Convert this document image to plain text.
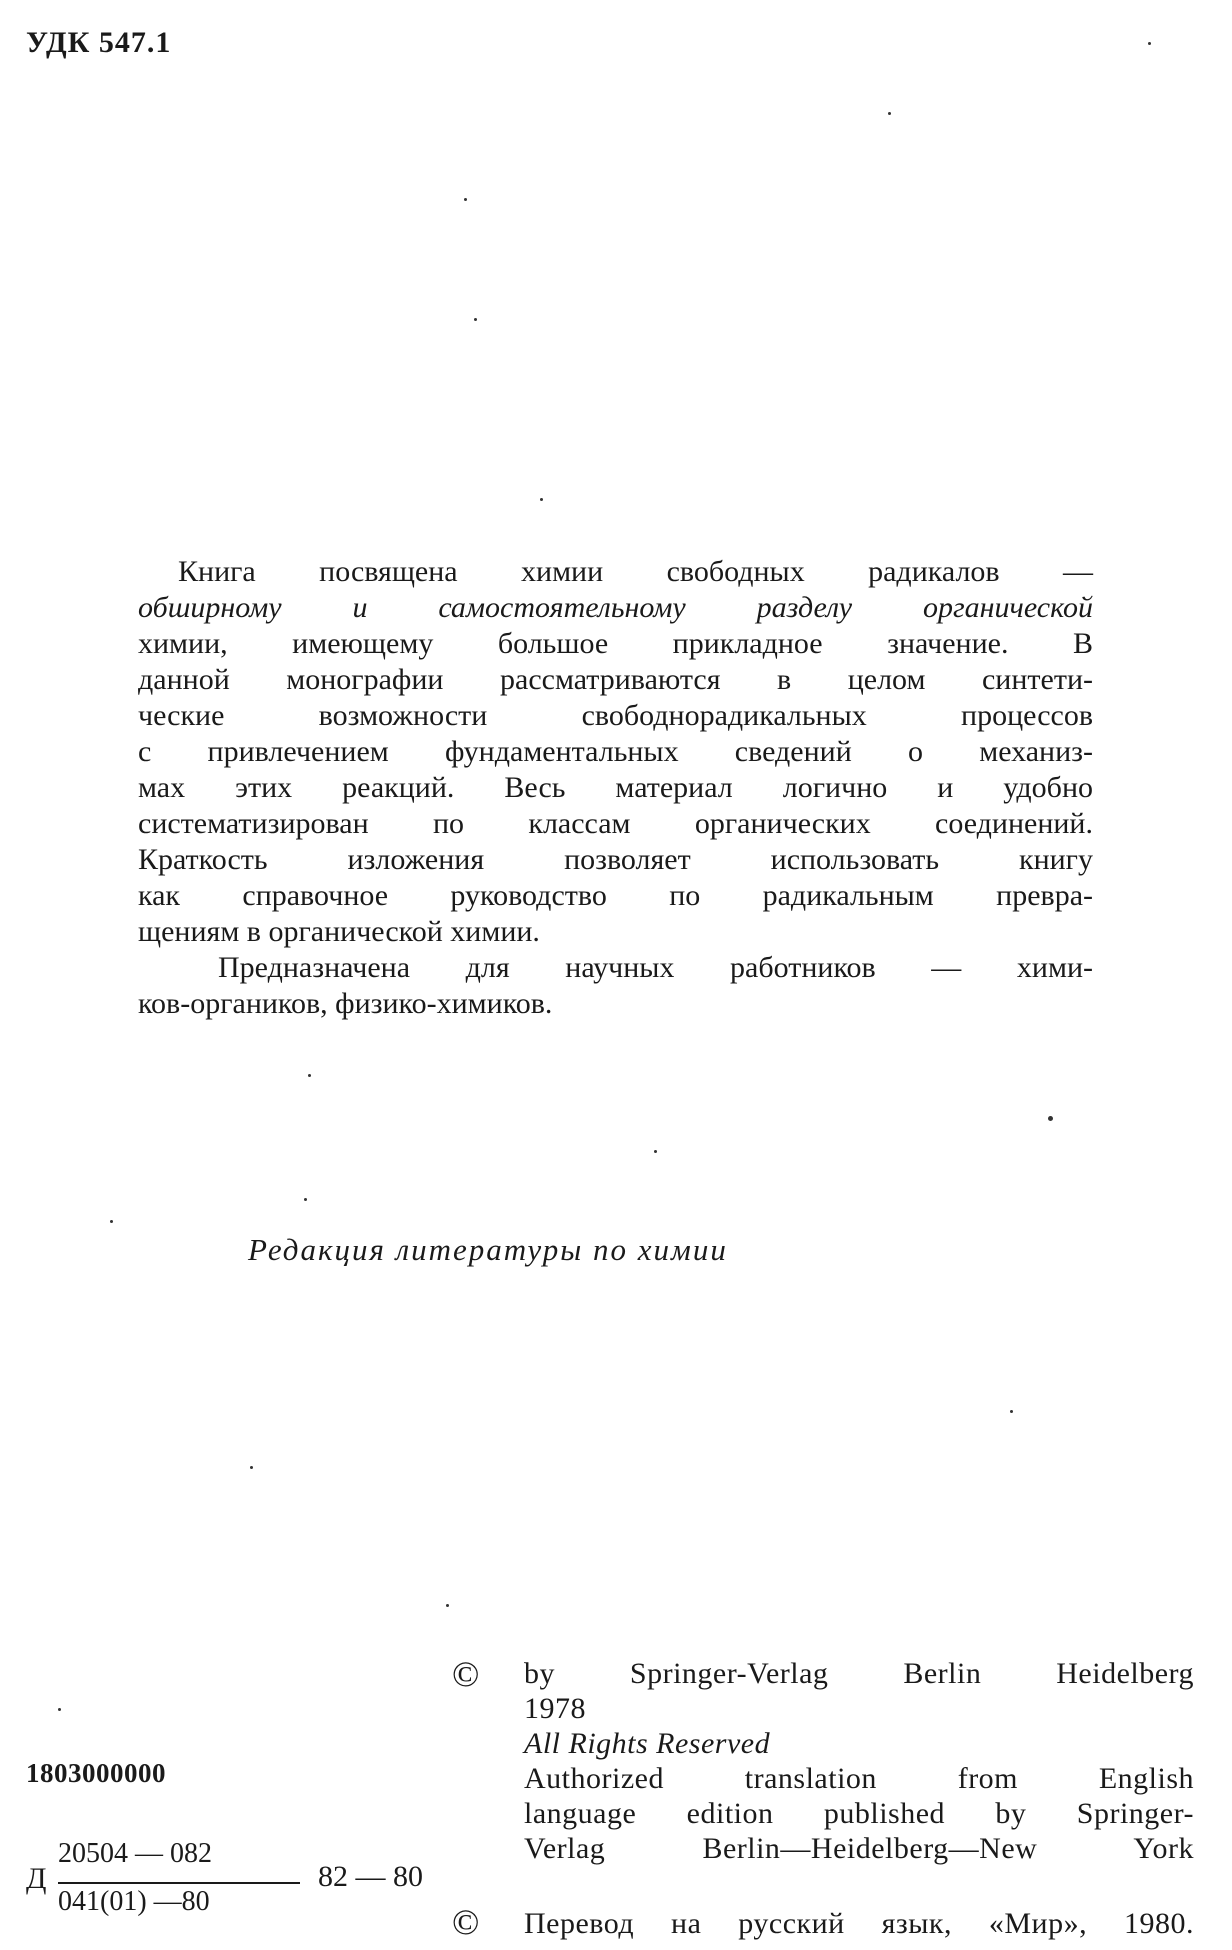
УДК 547.1

Книга посвящена химии свободных радикалов —
обширному и самостоятельному разделу органической
химии, имеющему большое прикладное значение. В
данной монографии рассматриваются в целом синтети-
ческие возможности свободнорадикальных процессов
с привлечением фундаментальных сведений о механиз-
мах этих реакций. Весь материал логично и удобно
систематизирован по классам органических соединений.
Краткость изложения позволяет использовать книгу
как справочное руководство по радикальным превра-
щениям в органической химии.

Предназначена для научных работников — хими-
ков-органиков, физико-химиков.

Редакция литературы по химии
1803000000
Д
20504 — 082
041(01) —80
82 — 80
© by Springer-Verlag Berlin Heidelberg
1978
All Rights Reserved
Authorized translation from English
language edition published by Springer-
Verlag Berlin—Heidelberg—New York
© Перевод на русский язык, «Мир», 1980.
